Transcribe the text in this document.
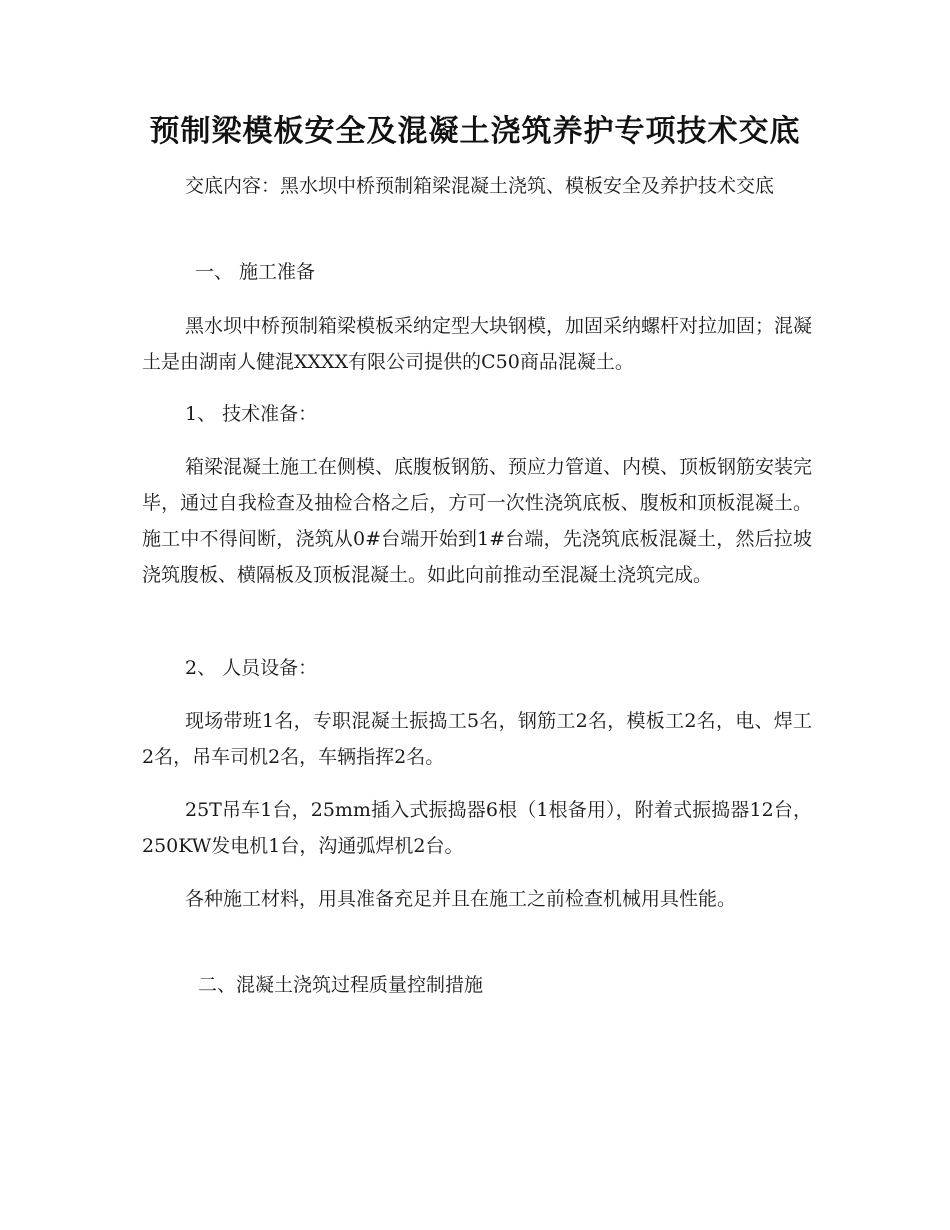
预制梁模板安全及混凝土浇筑养护专项技术交底

交底内容：黑水坝中桥预制箱梁混凝土浇筑、模板安全及养护技术交底

一、 施工准备

黑水坝中桥预制箱梁模板采纳定型大块钢模，加固采纳螺杆对拉加固；混凝土是由湖南人健混XXXX有限公司提供的C50商品混凝土。

1、 技术准备：

箱梁混凝土施工在侧模、底腹板钢筋、预应力管道、内模、顶板钢筋安装完毕，通过自我检查及抽检合格之后，方可一次性浇筑底板、腹板和顶板混凝土。施工中不得间断，浇筑从0#台端开始到1#台端，先浇筑底板混凝土，然后拉坡浇筑腹板、横隔板及顶板混凝土。如此向前推动至混凝土浇筑完成。

2、 人员设备：

现场带班1名，专职混凝土振捣工5名，钢筋工2名，模板工2名，电、焊工2名，吊车司机2名，车辆指挥2名。

25T吊车1台，25mm插入式振捣器6根（1根备用），附着式振捣器12台，250KW发电机1台，沟通弧焊机2台。

各种施工材料，用具准备充足并且在施工之前检查机械用具性能。

二、混凝土浇筑过程质量控制措施
